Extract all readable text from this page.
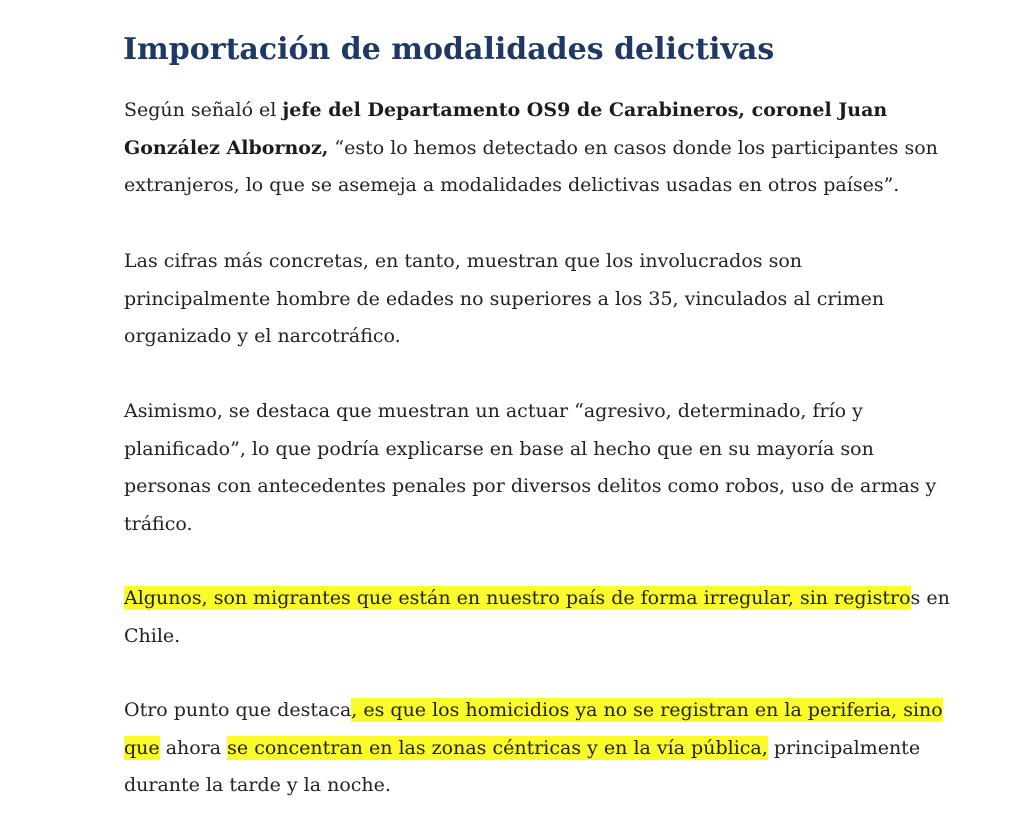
Importación de modalidades delictivas

Según señaló el jefe del Departamento OS9 de Carabineros, coronel Juan González Albornoz, “esto lo hemos detectado en casos donde los participantes son extranjeros, lo que se asemeja a modalidades delictivas usadas en otros países”.

Las cifras más concretas, en tanto, muestran que los involucrados son principalmente hombre de edades no superiores a los 35, vinculados al crimen organizado y el narcotráfico.

Asimismo, se destaca que muestran un actuar “agresivo, determinado, frío y planificado”, lo que podría explicarse en base al hecho que en su mayoría son personas con antecedentes penales por diversos delitos como robos, uso de armas y tráfico.

Algunos, son migrantes que están en nuestro país de forma irregular, sin registros en Chile.

Otro punto que destaca, es que los homicidios ya no se registran en la periferia, sino que ahora se concentran en las zonas céntricas y en la vía pública, principalmente durante la tarde y la noche.
